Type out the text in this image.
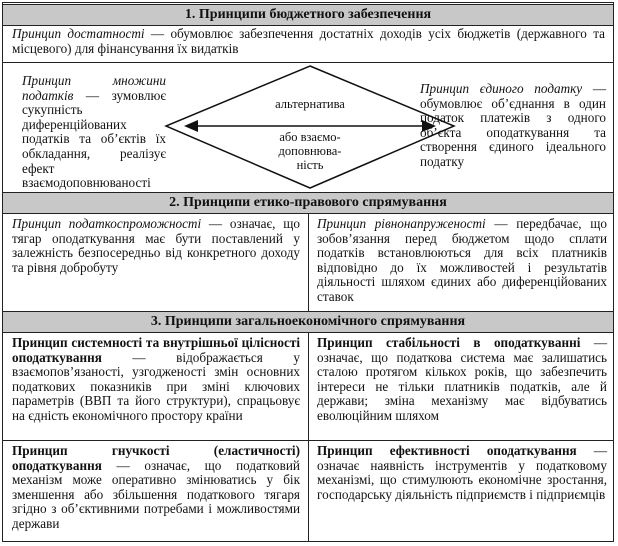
1. Принципи бюджетного забезпечення
Принцип достатності — обумовлює забезпечення достатніх доходів усіх бюджетів (державного та місцевого) для фінансування їх видатків
Принцип множини податків — зумовлює сукупність диференційованих податків та об’єктів їх обкладання, реалізує ефект взаємодоповнюваності
альтернатива
або взаємо-
доповнюва-
ність
Принцип єдиного податку — обумовлює об’єднання в один податок платежів з одного об’єкта оподаткування та створення єдиного ідеального податку
2. Принципи етико-правового спрямування
Принцип податкоспроможності — означає, що тягар оподаткування має бути поставлений у залежність безпосередньо від конкретного доходу та рівня добробуту
Принцип рівнонапруженості — передбачає, що зобов’язання перед бюджетом щодо сплати податків встановлюються для всіх платників відповідно до їх можливостей і результатів діяльності шляхом єдиних або диференційованих ставок
3. Принципи загальноекономічного спрямування
Принцип системності та внутрішньої цілісності оподаткування — відображається у взаємопов’язаності, узгодженості змін основних податкових показників при зміні ключових параметрів (ВВП та його структури), спрацьовує на єдність економічного простору країни
Принцип стабільності в оподаткуванні — означає, що податкова система має залишатись сталою протягом кількох років, що забезпечить інтереси не тільки платників податків, але й держави; зміна механізму має відбуватись еволюційним шляхом
Принцип гнучкості (еластичності) оподаткування — означає, що податковий механізм може оперативно змінюватись у бік зменшення або збільшення податкового тягаря згідно з об’єктивними потребами і можливостями держави
Принцип ефективності оподаткування — означає наявність інструментів у податковому механізмі, що стимулюють економічне зростання, господарську діяльність підприємств і підприємців
